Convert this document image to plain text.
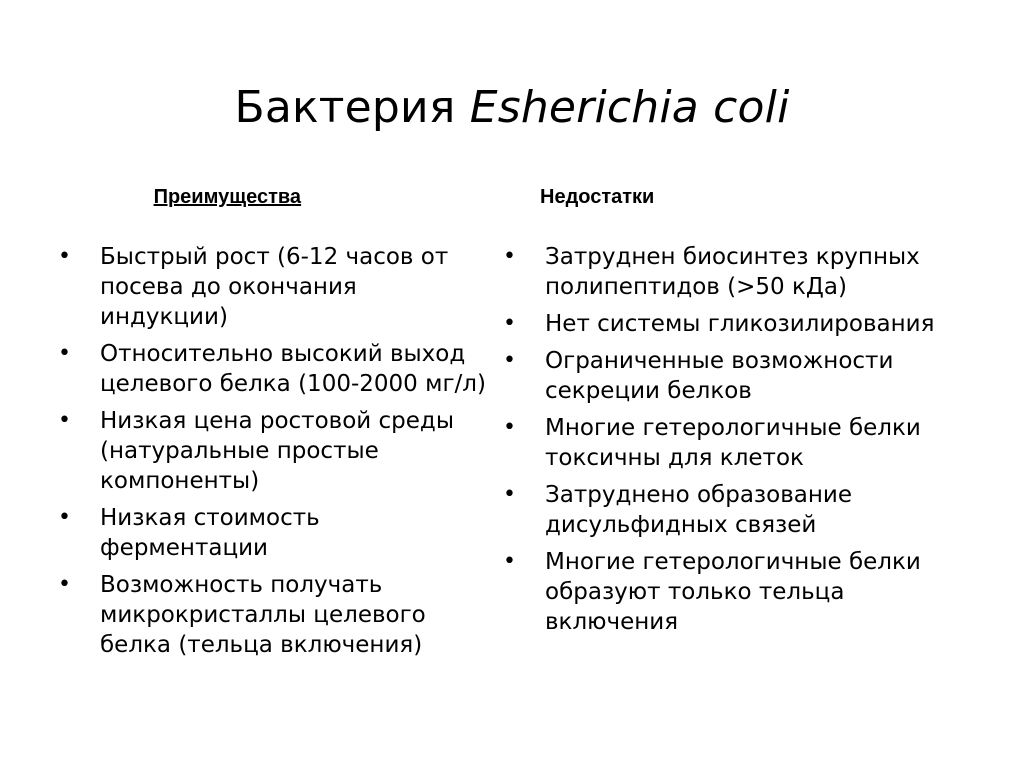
Бактерия Esherichia coli
Преимущества	Недостатки
•	Быстрый рост (6-12 часов от посева до окончания индукции)
•	Относительно высокий выход целевого белка (100-2000 мг/л)
•	Низкая цена ростовой среды (натуральные простые компоненты)
•	Низкая стоимость ферментации
•	Возможность получать микрокристаллы целевого белка (тельца включения)
•	Затруднен биосинтез крупных полипептидов (>50 кДа)
•	Нет системы гликозилирования
•	Ограниченные возможности секреции белков
•	Многие гетерологичные белки токсичны для клеток
•	Затруднено образование дисульфидных связей
•	Многие гетерологичные белки образуют только тельца включения
